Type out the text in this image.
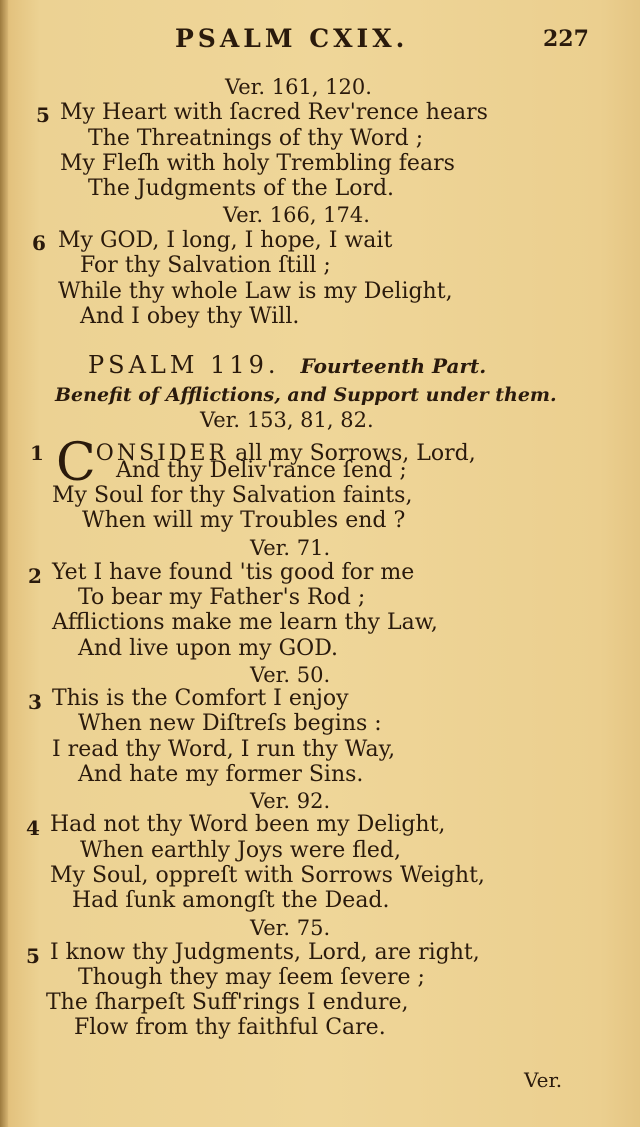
PSALM CXIX.	227
Ver. 161, 120.
5 My Heart with ſacred Rev'rence hears
The Threatnings of thy Word ;
My Fleſh with holy Trembling fears
The Judgments of the Lord.
Ver. 166, 174.
6 My GOD, I long, I hope, I wait
For thy Salvation ſtill ;
While thy whole Law is my Delight,
And I obey thy Will.
PSALM 119. Fourteenth Part.
Benefit of Afflictions, and Support under them.
Ver. 153, 81, 82.
1 CONSIDER all my Sorrows, Lord,
And thy Deliv'rance ſend ;
My Soul for thy Salvation faints,
When will my Troubles end ?
Ver. 71.
2 Yet I have found 'tis good for me
To bear my Father's Rod ;
Afflictions make me learn thy Law,
And live upon my GOD.
Ver. 50.
3 This is the Comfort I enjoy
When new Diſtreſs begins :
I read thy Word, I run thy Way,
And hate my former Sins.
Ver. 92.
4 Had not thy Word been my Delight,
When earthly Joys were fled,
My Soul, oppreſt with Sorrows Weight,
Had ſunk amongſt the Dead.
Ver. 75.
5 I know thy Judgments, Lord, are right,
Though they may ſeem ſevere ;
The ſharpeſt Suff'rings I endure,
Flow from thy faithful Care.
Ver.
